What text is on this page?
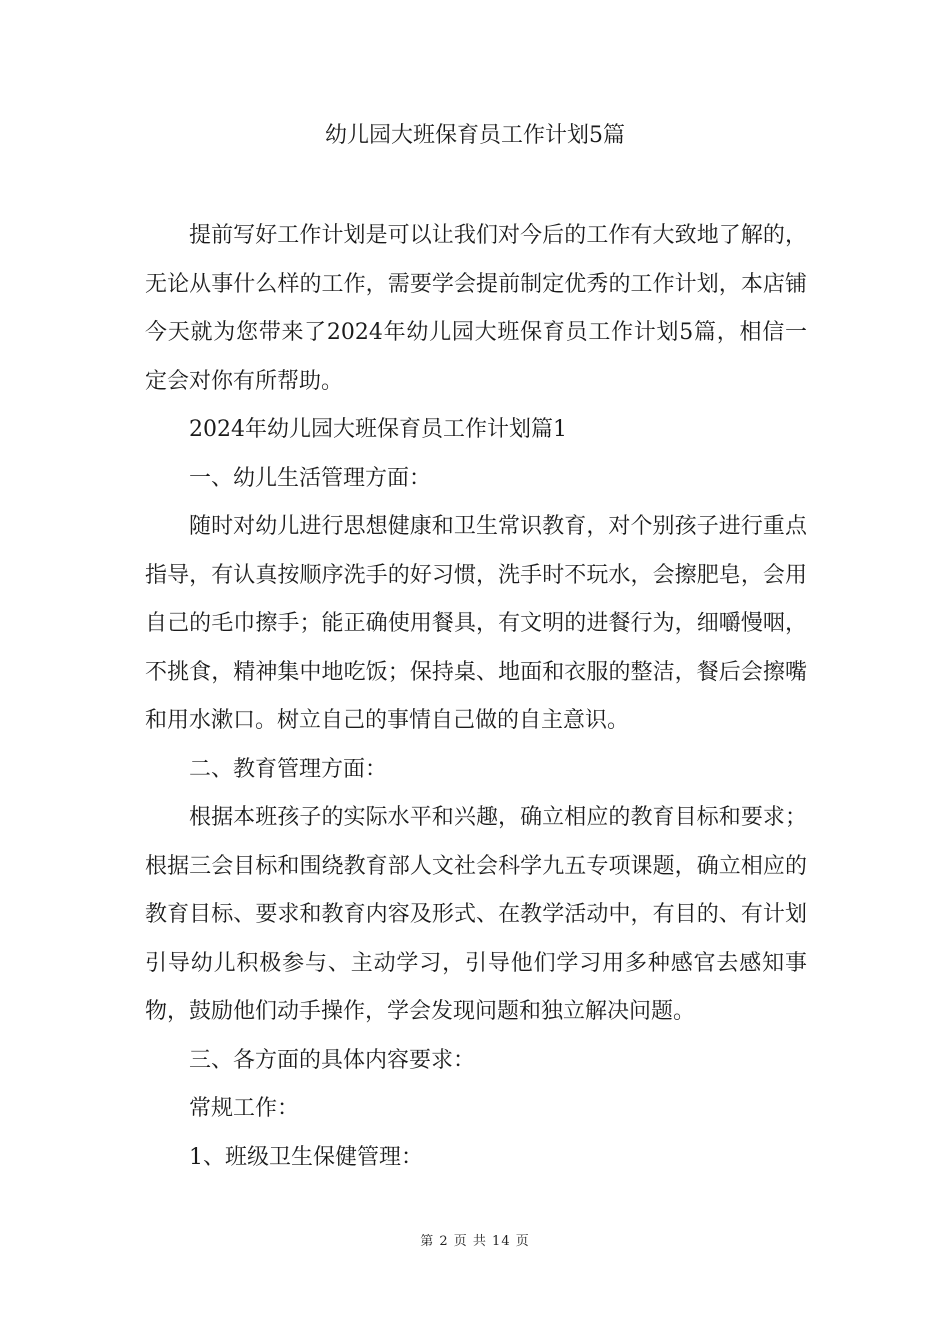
幼儿园大班保育员工作计划5篇

提前写好工作计划是可以让我们对今后的工作有大致地了解的，无论从事什么样的工作，需要学会提前制定优秀的工作计划，本店铺今天就为您带来了2024年幼儿园大班保育员工作计划5篇，相信一定会对你有所帮助。

2024年幼儿园大班保育员工作计划篇1

一、幼儿生活管理方面：

随时对幼儿进行思想健康和卫生常识教育，对个别孩子进行重点指导，有认真按顺序洗手的好习惯，洗手时不玩水，会擦肥皂，会用自己的毛巾擦手；能正确使用餐具，有文明的进餐行为，细嚼慢咽，不挑食，精神集中地吃饭；保持桌、地面和衣服的整洁，餐后会擦嘴和用水漱口。树立自己的事情自己做的自主意识。

二、教育管理方面：

根据本班孩子的实际水平和兴趣，确立相应的教育目标和要求；根据三会目标和围绕教育部人文社会科学九五专项课题，确立相应的教育目标、要求和教育内容及形式、在教学活动中，有目的、有计划引导幼儿积极参与、主动学习，引导他们学习用多种感官去感知事物，鼓励他们动手操作，学会发现问题和独立解决问题。

三、各方面的具体内容要求：

常规工作：

1、班级卫生保健管理：

第 2 页 共 14 页
